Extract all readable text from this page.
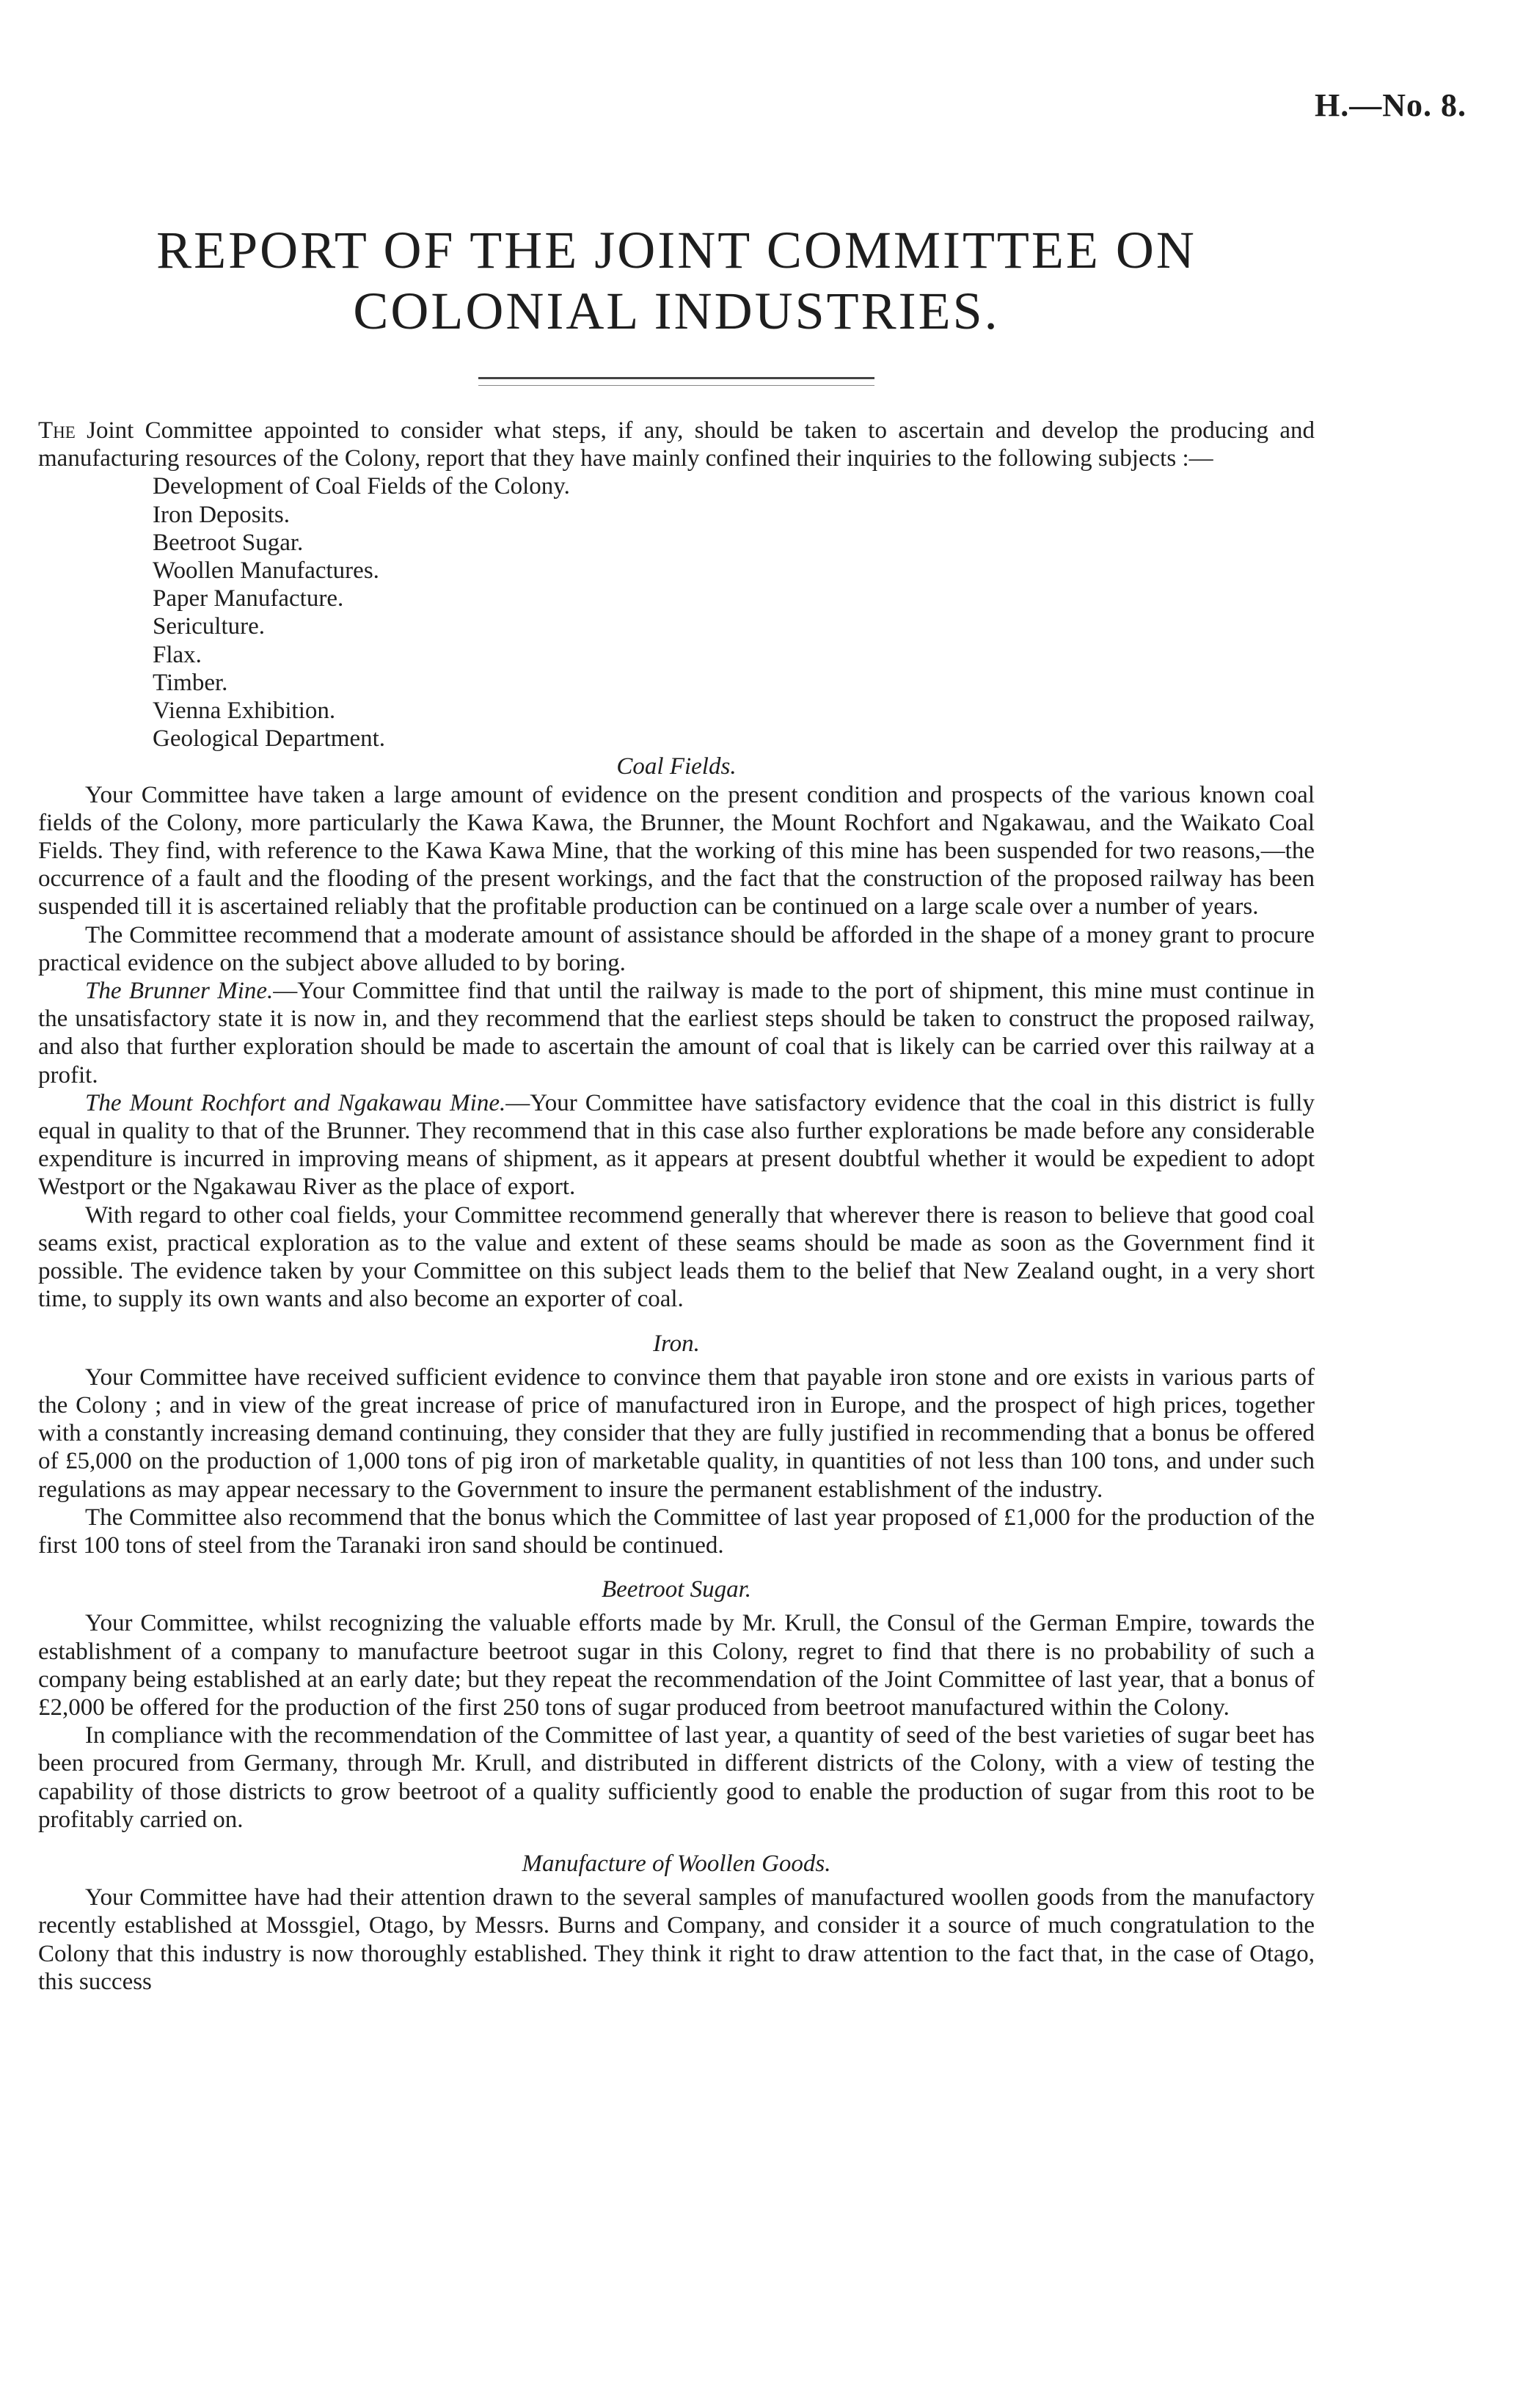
H.—No. 8.
REPORT OF THE JOINT COMMITTEE ON COLONIAL INDUSTRIES.

The Joint Committee appointed to consider what steps, if any, should be taken to ascertain and develop the producing and manufacturing resources of the Colony, report that they have mainly confined their inquiries to the following subjects :—

Development of Coal Fields of the Colony.
Iron Deposits.
Beetroot Sugar.
Woollen Manufactures.
Paper Manufacture.
Sericulture.
Flax.
Timber.
Vienna Exhibition.
Geological Department.
Coal Fields.

Your Committee have taken a large amount of evidence on the present condition and prospects of the various known coal fields of the Colony, more particularly the Kawa Kawa, the Brunner, the Mount Rochfort and Ngakawau, and the Waikato Coal Fields. They find, with reference to the Kawa Kawa Mine, that the working of this mine has been suspended for two reasons,—the occurrence of a fault and the flooding of the present workings, and the fact that the construction of the proposed railway has been suspended till it is ascertained reliably that the profitable production can be continued on a large scale over a number of years.

The Committee recommend that a moderate amount of assistance should be afforded in the shape of a money grant to procure practical evidence on the subject above alluded to by boring.

The Brunner Mine.—Your Committee find that until the railway is made to the port of shipment, this mine must continue in the unsatisfactory state it is now in, and they recommend that the earliest steps should be taken to construct the proposed railway, and also that further exploration should be made to ascertain the amount of coal that is likely can be carried over this railway at a profit.

The Mount Rochfort and Ngakawau Mine.—Your Committee have satisfactory evidence that the coal in this district is fully equal in quality to that of the Brunner. They recommend that in this case also further explorations be made before any considerable expenditure is incurred in improving means of shipment, as it appears at present doubtful whether it would be expedient to adopt Westport or the Ngakawau River as the place of export.

With regard to other coal fields, your Committee recommend generally that wherever there is reason to believe that good coal seams exist, practical exploration as to the value and extent of these seams should be made as soon as the Government find it possible. The evidence taken by your Committee on this subject leads them to the belief that New Zealand ought, in a very short time, to supply its own wants and also become an exporter of coal.

Iron.

Your Committee have received sufficient evidence to convince them that payable iron stone and ore exists in various parts of the Colony ; and in view of the great increase of price of manufactured iron in Europe, and the prospect of high prices, together with a constantly increasing demand continuing, they consider that they are fully justified in recommending that a bonus be offered of £5,000 on the production of 1,000 tons of pig iron of marketable quality, in quantities of not less than 100 tons, and under such regulations as may appear necessary to the Government to insure the permanent establishment of the industry.

The Committee also recommend that the bonus which the Committee of last year proposed of £1,000 for the production of the first 100 tons of steel from the Taranaki iron sand should be continued.

Beetroot Sugar.

Your Committee, whilst recognizing the valuable efforts made by Mr. Krull, the Consul of the German Empire, towards the establishment of a company to manufacture beetroot sugar in this Colony, regret to find that there is no probability of such a company being established at an early date; but they repeat the recommendation of the Joint Committee of last year, that a bonus of £2,000 be offered for the production of the first 250 tons of sugar produced from beetroot manufactured within the Colony.

In compliance with the recommendation of the Committee of last year, a quantity of seed of the best varieties of sugar beet has been procured from Germany, through Mr. Krull, and distributed in different districts of the Colony, with a view of testing the capability of those districts to grow beetroot of a quality sufficiently good to enable the production of sugar from this root to be profitably carried on.

Manufacture of Woollen Goods.

Your Committee have had their attention drawn to the several samples of manufactured woollen goods from the manufactory recently established at Mossgiel, Otago, by Messrs. Burns and Company, and consider it a source of much congratulation to the Colony that this industry is now thoroughly established. They think it right to draw attention to the fact that, in the case of Otago, this success
